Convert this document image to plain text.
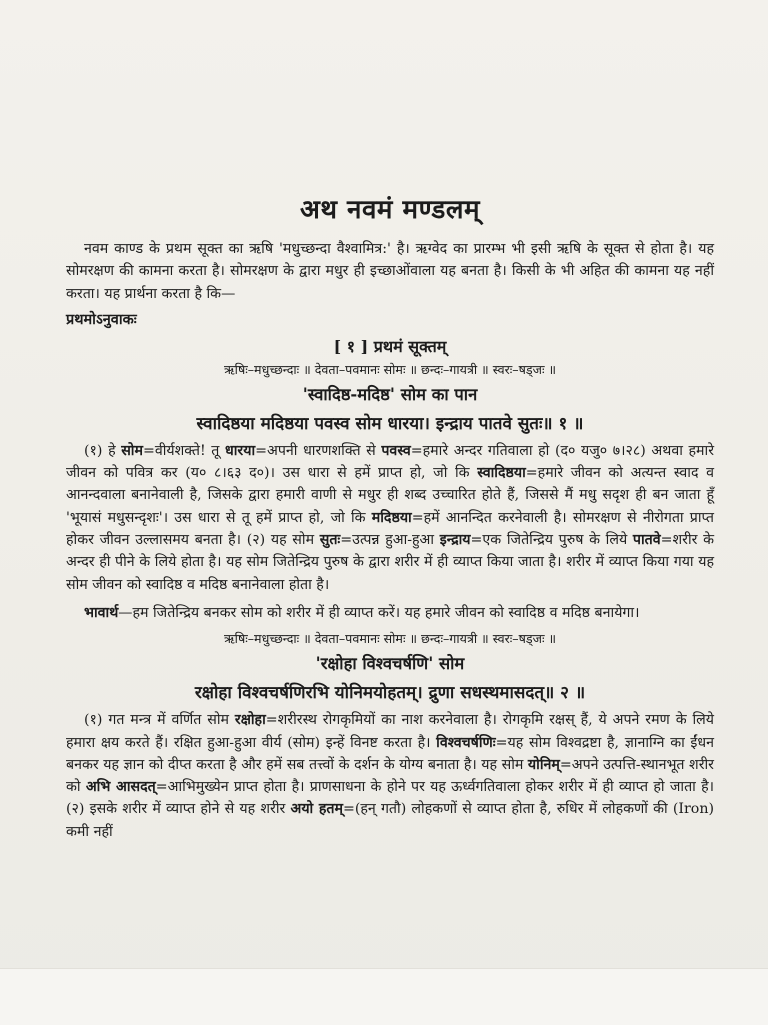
अथ नवमं मण्डलम्

नवम काण्ड के प्रथम सूक्त का ऋषि 'मधुच्छन्दा वैश्वामित्र:' है। ऋग्वेद का प्रारम्भ भी इसी ऋषि के सूक्त से होता है। यह सोमरक्षण की कामना करता है। सोमरक्षण के द्वारा मधुर ही इच्छाओंवाला यह बनता है। किसी के भी अहित की कामना यह नहीं करता। यह प्रार्थना करता है कि—

प्रथमोऽनुवाकः
[ १ ] प्रथमं सूक्तम्
ऋषिः–मधुच्छन्दाः ॥ देवता–पवमानः सोमः ॥ छन्दः–गायत्री ॥ स्वरः–षड्जः ॥
'स्वादिष्ठ-मदिष्ठ' सोम का पान
स्वादिष्ठया मदिष्ठया पवस्व सोम धारया। इन्द्राय पातवे सुतः॥ १ ॥

(१) हे सोम=वीर्यशक्ते! तू धारया=अपनी धारणशक्ति से पवस्व=हमारे अन्दर गतिवाला हो (द० यजु० ७।२८) अथवा हमारे जीवन को पवित्र कर (य० ८।६३ द०)। उस धारा से हमें प्राप्त हो, जो कि स्वादिष्ठया=हमारे जीवन को अत्यन्त स्वाद व आनन्दवाला बनानेवाली है, जिसके द्वारा हमारी वाणी से मधुर ही शब्द उच्चारित होते हैं, जिससे मैं मधु सदृश ही बन जाता हूँ 'भूयासं मधुसन्दृशः'। उस धारा से तू हमें प्राप्त हो, जो कि मदिष्ठया=हमें आनन्दित करनेवाली है। सोमरक्षण से नीरोगता प्राप्त होकर जीवन उल्लासमय बनता है। (२) यह सोम सुतः=उत्पन्न हुआ-हुआ इन्द्राय=एक जितेन्द्रिय पुरुष के लिये पातवे=शरीर के अन्दर ही पीने के लिये होता है। यह सोम जितेन्द्रिय पुरुष के द्वारा शरीर में ही व्याप्त किया जाता है। शरीर में व्याप्त किया गया यह सोम जीवन को स्वादिष्ठ व मदिष्ठ बनानेवाला होता है।

भावार्थ—हम जितेन्द्रिय बनकर सोम को शरीर में ही व्याप्त करें। यह हमारे जीवन को स्वादिष्ठ व मदिष्ठ बनायेगा।

ऋषिः–मधुच्छन्दाः ॥ देवता–पवमानः सोमः ॥ छन्दः–गायत्री ॥ स्वरः–षड्जः ॥
'रक्षोहा विश्वचर्षणि' सोम
रक्षोहा विश्वचर्षणिरभि योनिमयोहतम्। द्रुणा सधस्थमासदत्॥ २ ॥

(१) गत मन्त्र में वर्णित सोम रक्षोहा=शरीरस्थ रोगकृमियों का नाश करनेवाला है। रोगकृमि रक्षस् हैं, ये अपने रमण के लिये हमारा क्षय करते हैं। रक्षित हुआ-हुआ वीर्य (सोम) इन्हें विनष्ट करता है। विश्वचर्षणिः=यह सोम विश्वद्रष्टा है, ज्ञानाग्नि का ईंधन बनकर यह ज्ञान को दीप्त करता है और हमें सब तत्त्वों के दर्शन के योग्य बनाता है। यह सोम योनिम्=अपने उत्पत्ति-स्थानभूत शरीर को अभि आसदत्=आभिमुख्येन प्राप्त होता है। प्राणसाधना के होने पर यह ऊर्ध्वगतिवाला होकर शरीर में ही व्याप्त हो जाता है। (२) इसके शरीर में व्याप्त होने से यह शरीर अयो हतम्=(हन् गतौ) लोहकणों से व्याप्त होता है, रुधिर में लोहकणों की (Iron) कमी नहीं
